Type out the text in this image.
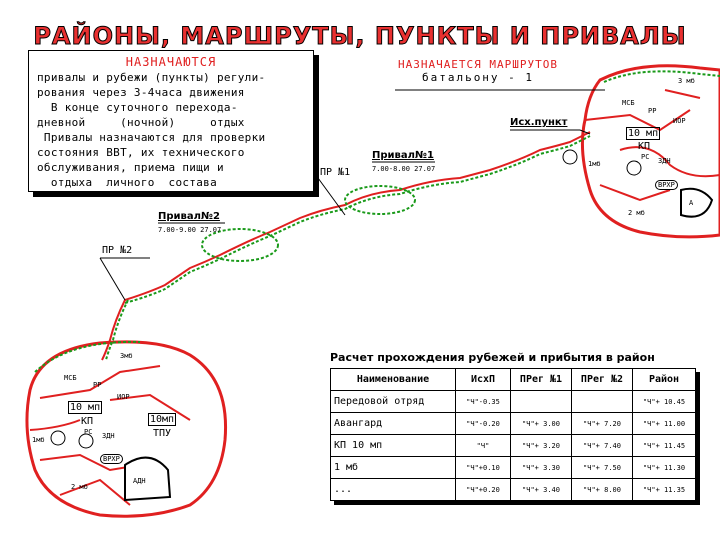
РАЙОНЫ, МАРШРУТЫ, ПУНКТЫ И ПРИВАЛЫ
НАЗНАЧАЮТСЯ
привалы и рубежи (пункты) регули-
рования через 3-4часа движения
В конце суточного перехода-
дневной     (ночной)     отдых
Привалы назначаются для проверки
состояния ВВТ, их технического
обслуживания, приема пищи и
отдыха  личного  состава
НАЗНАЧАЕТСЯ МАРШРУТОВ
батальону - 1
Исх.пункт
Привал№1
7.00-8.00 27.07
ПР №1
Привал№2
7.00-9.00 27.07
ПР №2
3 мб
МСБ
РР
ИОР
10 мп
КП
РС ЗДН
1мб
ВРХР
2 мб
А
3мб
МСБ
РР
ИОР
10 мп
КП
РС ЗДН
10мп
ТПУ
1мб
ВРХР
2 мб
АДН
Расчет прохождения рубежей и прибытия в район
Наименование	ИсхП	ПРег №1	ПРег №2	Район
Передовой отряд	"Ч"-0.35			"Ч"+ 10.45
Авангард	"Ч"-0.20	"Ч"+ 3.00	"Ч"+ 7.20	"Ч"+ 11.00
КП 10 мп	"Ч"	"Ч"+ 3.20	"Ч"+ 7.40	"Ч"+ 11.45
1 мб	"Ч"+0.10	"Ч"+ 3.30	"Ч"+ 7.50	"Ч"+ 11.30
...	"Ч"+0.20	"Ч"+ 3.40	"Ч"+ 8.00	"Ч"+ 11.35
